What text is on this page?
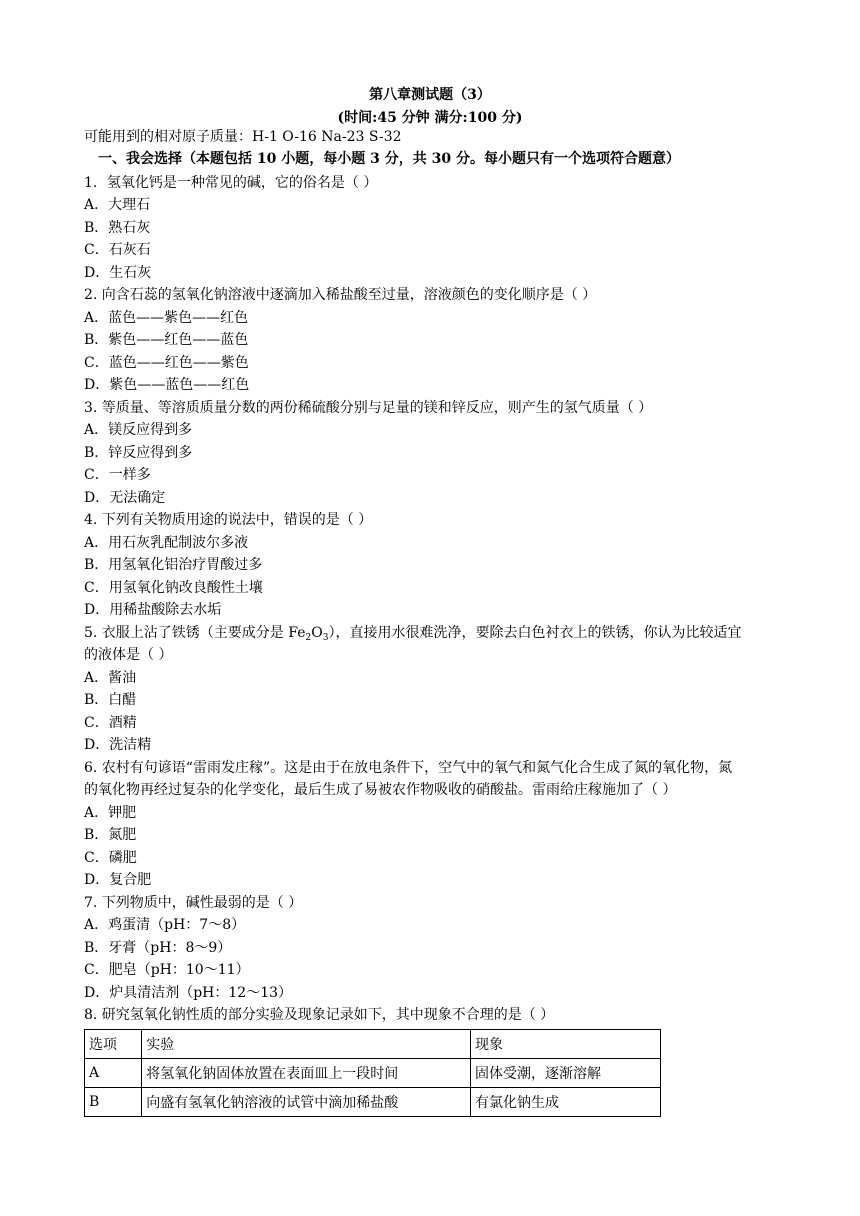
第八章测试题（3）
(时间:45 分钟 满分:100 分)
可能用到的相对原子质量：H-1 O-16 Na-23 S-32
一、我会选择（本题包括 10 小题，每小题 3 分，共 30 分。每小题只有一个选项符合题意）
1．氢氧化钙是一种常见的碱，它的俗名是（ ）
A．大理石
B．熟石灰
C．石灰石
D．生石灰
2. 向含石蕊的氢氧化钠溶液中逐滴加入稀盐酸至过量，溶液颜色的变化顺序是（ ）
A．蓝色——紫色——红色
B．紫色——红色——蓝色
C．蓝色——红色——紫色
D．紫色——蓝色——红色
3. 等质量、等溶质质量分数的两份稀硫酸分别与足量的镁和锌反应，则产生的氢气质量（ ）
A．镁反应得到多
B．锌反应得到多
C．一样多
D．无法确定
4. 下列有关物质用途的说法中，错误的是（ ）
A．用石灰乳配制波尔多液
B．用氢氧化铝治疗胃酸过多
C．用氢氧化钠改良酸性土壤
D．用稀盐酸除去水垢
5. 衣服上沾了铁锈（主要成分是 $Fe_2O_3$），直接用水很难洗净，要除去白色衬衣上的铁锈，你认为比较适宜
的液体是（ ）
A．酱油
B．白醋
C．酒精
D．洗洁精
6. 农村有句谚语“雷雨发庄稼”。这是由于在放电条件下，空气中的氧气和氮气化合生成了氮的氧化物，氮
的氧化物再经过复杂的化学变化，最后生成了易被农作物吸收的硝酸盐。雷雨给庄稼施加了（ ）
A．钾肥
B．氮肥
C．磷肥
D．复合肥
7. 下列物质中，碱性最弱的是（ ）
A．鸡蛋清（pH：7～8）
B．牙膏（pH：8～9）
C．肥皂（pH：10～11）
D．炉具清洁剂（pH：12～13）
8. 研究氢氧化钠性质的部分实验及现象记录如下，其中现象不合理的是（ ）
选项	实验	现象
A	将氢氧化钠固体放置在表面皿上一段时间	固体受潮，逐渐溶解
B	向盛有氢氧化钠溶液的试管中滴加稀盐酸	有氯化钠生成
